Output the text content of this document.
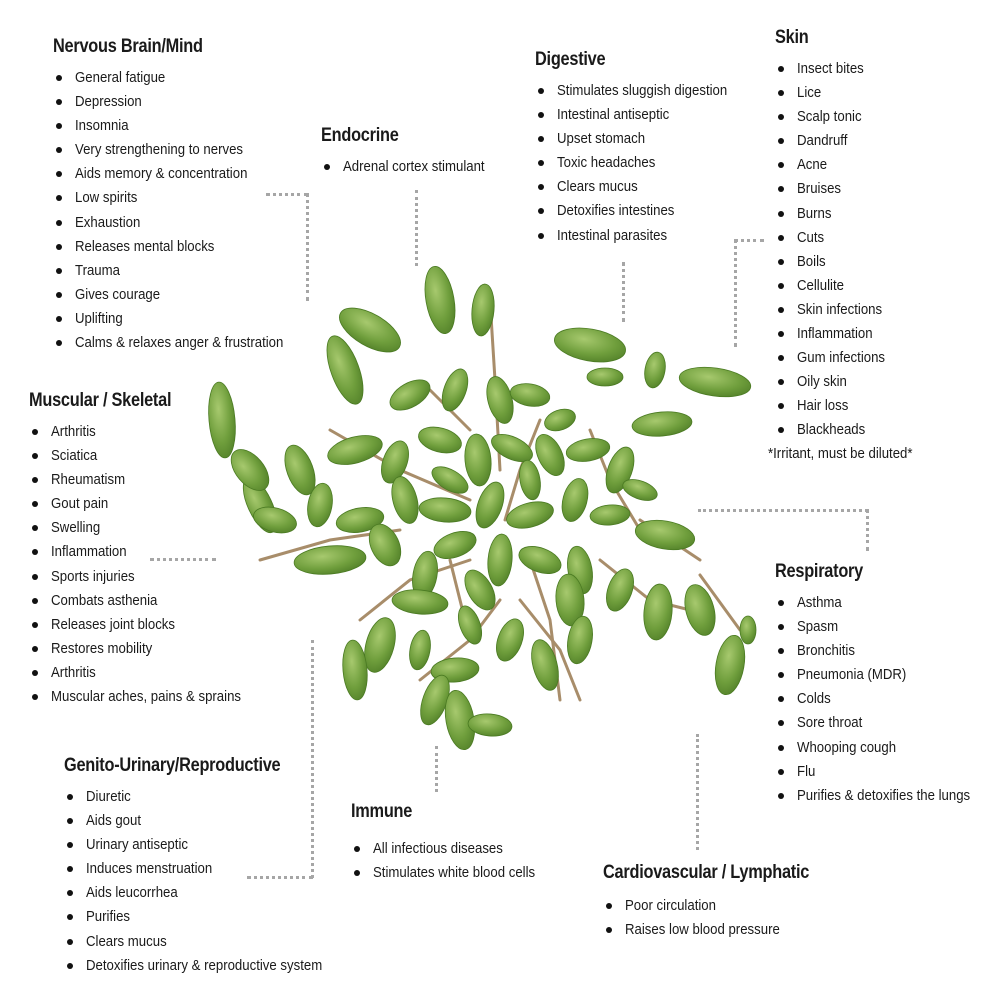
Nervous Brain/Mind
General fatigue
Depression
Insomnia
Very strengthening to nerves
Aids memory & concentration
Low spirits
Exhaustion
Releases mental blocks
Trauma
Gives courage
Uplifting
Calms & relaxes anger & frustration
Endocrine
Adrenal cortex stimulant
Digestive
Stimulates sluggish digestion
Intestinal antiseptic
Upset stomach
Toxic headaches
Clears mucus
Detoxifies intestines
Intestinal parasites
Skin
Insect bites
Lice
Scalp tonic
Dandruff
Acne
Bruises
Burns
Cuts
Boils
Cellulite
Skin infections
Inflammation
Gum infections
Oily skin
Hair loss
Blackheads
*Irritant, must be diluted*
Muscular / Skeletal
Arthritis
Sciatica
Rheumatism
Gout pain
Swelling
Inflammation
Sports injuries
Combats asthenia
Releases joint blocks
Restores mobility
Arthritis
Muscular aches, pains & sprains
Respiratory
Asthma
Spasm
Bronchitis
Pneumonia (MDR)
Colds
Sore throat
Whooping cough
Flu
Purifies & detoxifies the lungs
Genito-Urinary/Reproductive
Diuretic
Aids gout
Urinary antiseptic
Induces menstruation
Aids leucorrhea
Purifies
Clears mucus
Detoxifies urinary & reproductive system
Immune
All infectious diseases
Stimulates white blood cells	Cardiovascular / Lymphatic
Poor circulation
Raises low blood pressure
